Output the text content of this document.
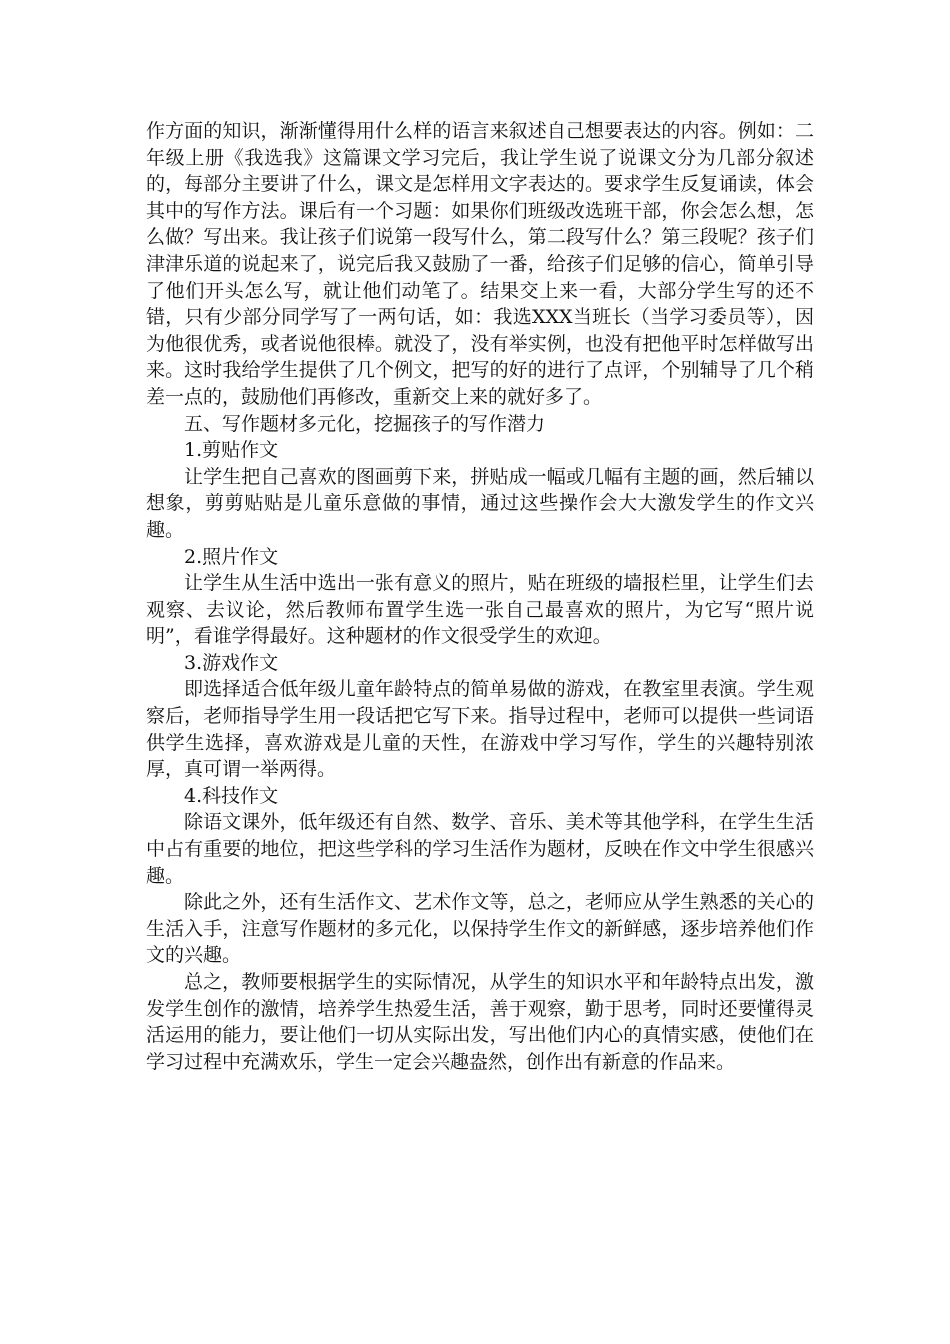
作方面的知识，渐渐懂得用什么样的语言来叙述自己想要表达的内容。例如：二年级上册《我选我》这篇课文学习完后，我让学生说了说课文分为几部分叙述的，每部分主要讲了什么，课文是怎样用文字表达的。要求学生反复诵读，体会其中的写作方法。课后有一个习题：如果你们班级改选班干部，你会怎么想，怎么做？写出来。我让孩子们说第一段写什么，第二段写什么？第三段呢？孩子们津津乐道的说起来了，说完后我又鼓励了一番，给孩子们足够的信心，简单引导了他们开头怎么写，就让他们动笔了。结果交上来一看，大部分学生写的还不错，只有少部分同学写了一两句话，如：我选XXX当班长（当学习委员等），因为他很优秀，或者说他很棒。就没了，没有举实例，也没有把他平时怎样做写出来。这时我给学生提供了几个例文，把写的好的进行了点评，个别辅导了几个稍差一点的，鼓励他们再修改，重新交上来的就好多了。

五、写作题材多元化，挖掘孩子的写作潜力

1.剪贴作文

让学生把自己喜欢的图画剪下来，拼贴成一幅或几幅有主题的画，然后辅以想象，剪剪贴贴是儿童乐意做的事情，通过这些操作会大大激发学生的作文兴趣。

2.照片作文

让学生从生活中选出一张有意义的照片，贴在班级的墙报栏里，让学生们去观察、去议论，然后教师布置学生选一张自己最喜欢的照片，为它写“照片说明”，看谁学得最好。这种题材的作文很受学生的欢迎。

3.游戏作文

即选择适合低年级儿童年龄特点的简单易做的游戏，在教室里表演。学生观察后，老师指导学生用一段话把它写下来。指导过程中，老师可以提供一些词语供学生选择，喜欢游戏是儿童的天性，在游戏中学习写作，学生的兴趣特别浓厚，真可谓一举两得。

4.科技作文

除语文课外，低年级还有自然、数学、音乐、美术等其他学科，在学生生活中占有重要的地位，把这些学科的学习生活作为题材，反映在作文中学生很感兴趣。

除此之外，还有生活作文、艺术作文等，总之，老师应从学生熟悉的关心的生活入手，注意写作题材的多元化，以保持学生作文的新鲜感，逐步培养他们作文的兴趣。

总之，教师要根据学生的实际情况，从学生的知识水平和年龄特点出发，激发学生创作的激情，培养学生热爱生活，善于观察，勤于思考，同时还要懂得灵活运用的能力，要让他们一切从实际出发，写出他们内心的真情实感，使他们在学习过程中充满欢乐，学生一定会兴趣盎然，创作出有新意的作品来。
